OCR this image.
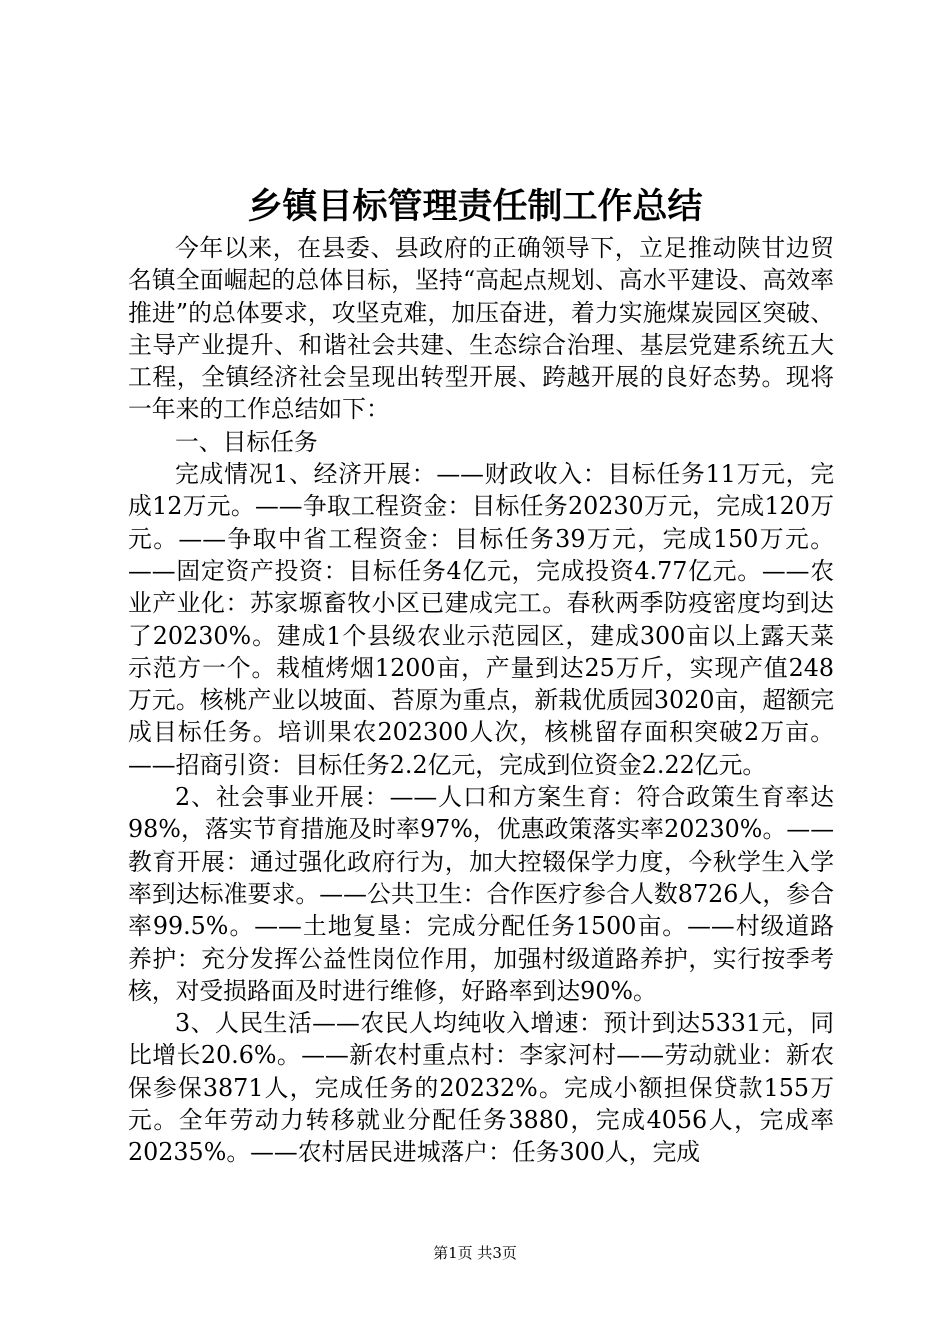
乡镇目标管理责任制工作总结

今年以来，在县委、县政府的正确领导下，立足推动陕甘边贸名镇全面崛起的总体目标，坚持“高起点规划、高水平建设、高效率推进”的总体要求，攻坚克难，加压奋进，着力实施煤炭园区突破、主导产业提升、和谐社会共建、生态综合治理、基层党建系统五大工程，全镇经济社会呈现出转型开展、跨越开展的良好态势。现将一年来的工作总结如下：

一、目标任务

完成情况1、经济开展：——财政收入：目标任务11万元，完成12万元。——争取工程资金：目标任务20230万元，完成120万元。——争取中省工程资金：目标任务39万元，完成150万元。——固定资产投资：目标任务4亿元，完成投资4.77亿元。——农业产业化：苏家塬畜牧小区已建成完工。春秋两季防疫密度均到达了20230%。建成1个县级农业示范园区，建成300亩以上露天菜示范方一个。栽植烤烟1200亩，产量到达25万斤，实现产值248万元。核桃产业以坡面、苔原为重点，新栽优质园3020亩，超额完成目标任务。培训果农202300人次，核桃留存面积突破2万亩。——招商引资：目标任务2.2亿元，完成到位资金2.22亿元。

2、社会事业开展：——人口和方案生育：符合政策生育率达98%，落实节育措施及时率97%，优惠政策落实率20230%。——教育开展：通过强化政府行为，加大控辍保学力度，今秋学生入学率到达标准要求。——公共卫生：合作医疗参合人数8726人，参合率99.5%。——土地复垦：完成分配任务1500亩。——村级道路养护：充分发挥公益性岗位作用，加强村级道路养护，实行按季考核，对受损路面及时进行维修，好路率到达90%。

3、人民生活——农民人均纯收入增速：预计到达5331元，同比增长20.6%。——新农村重点村：李家河村——劳动就业：新农保参保3871人，完成任务的20232%。完成小额担保贷款155万元。全年劳动力转移就业分配任务3880，完成4056人，完成率20235%。——农村居民进城落户：任务300人，完成

第1页 共3页
